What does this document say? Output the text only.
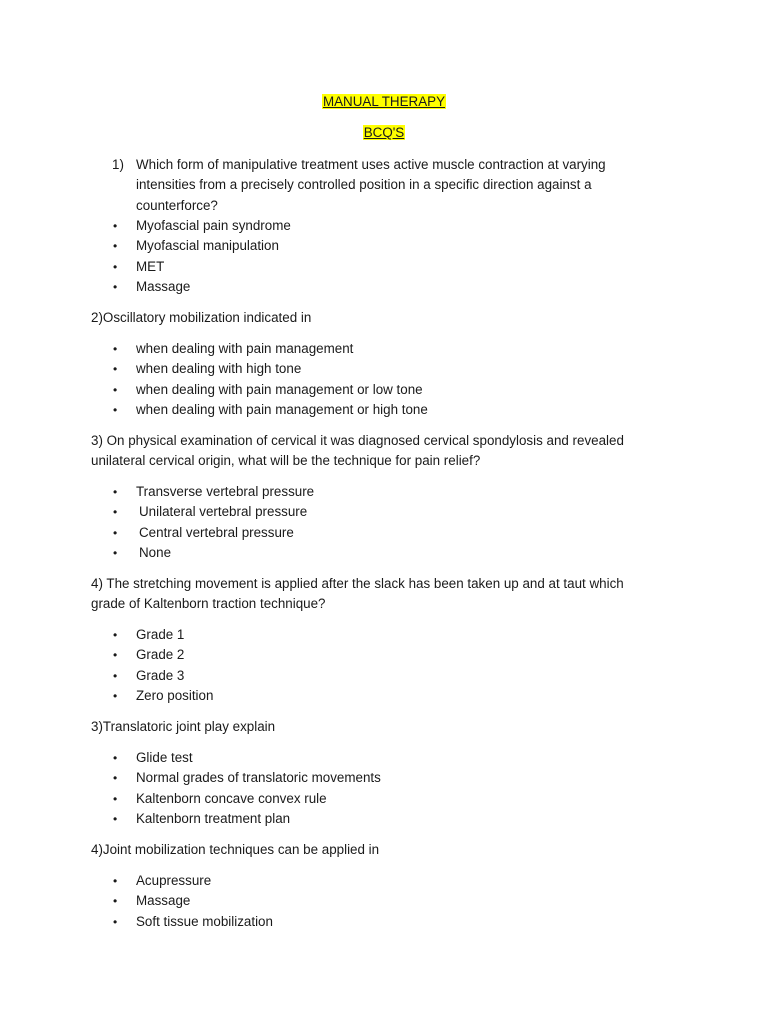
MANUAL THERAPY
BCQ'S
1) Which form of manipulative treatment uses active muscle contraction at varying intensities from a precisely controlled position in a specific direction against a counterforce?
• Myofascial pain syndrome
• Myofascial manipulation
• MET
• Massage
2)Oscillatory mobilization indicated in
• when dealing with pain management
• when dealing with high tone
• when dealing with pain management or low tone
• when dealing with pain management or high tone
3) On physical examination of cervical it was diagnosed cervical spondylosis and revealed unilateral cervical origin, what will be the technique for pain relief?
• Transverse vertebral pressure
• Unilateral vertebral pressure
• Central vertebral pressure
• None
4) The stretching movement is applied after the slack has been taken up and at taut which grade of Kaltenborn traction technique?
• Grade 1
• Grade 2
• Grade 3
• Zero position
3)Translatoric joint play explain
• Glide test
• Normal grades of translatoric movements
• Kaltenborn concave convex rule
• Kaltenborn treatment plan
4)Joint mobilization techniques can be applied in
• Acupressure
• Massage
• Soft tissue mobilization
